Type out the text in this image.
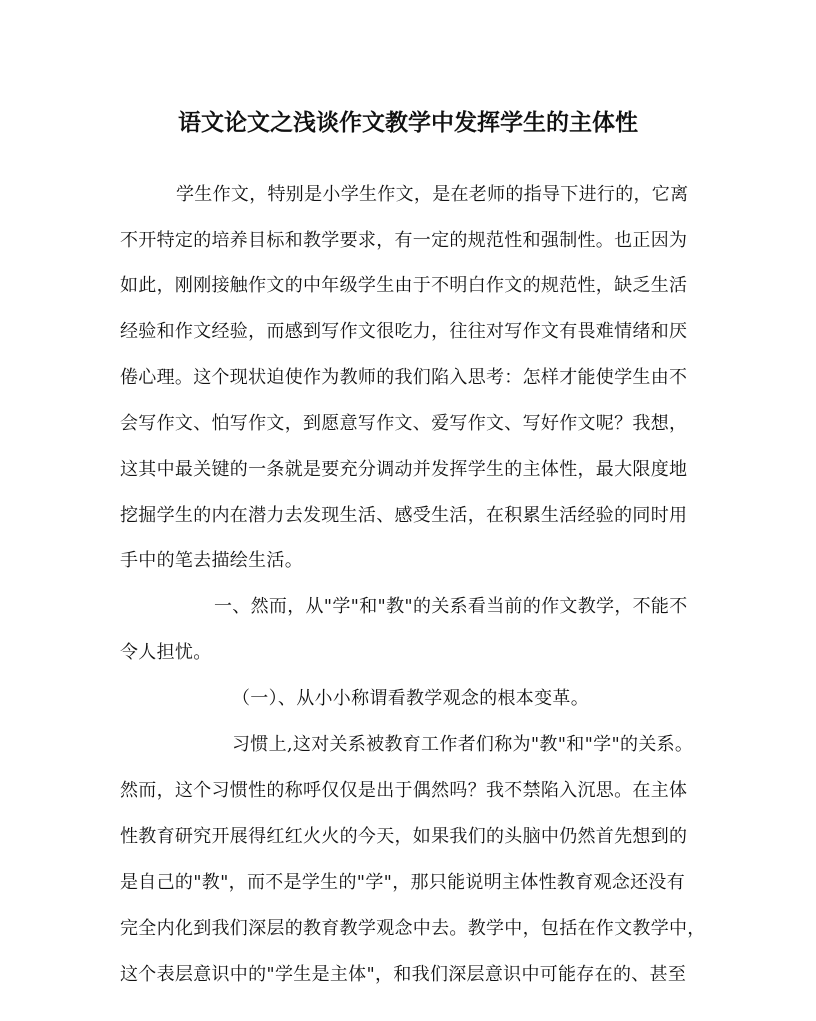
语文论文之浅谈作文教学中发挥学生的主体性
学生作文，特别是小学生作文，是在老师的指导下进行的，它离
不开特定的培养目标和教学要求，有一定的规范性和强制性。也正因为
如此，刚刚接触作文的中年级学生由于不明白作文的规范性，缺乏生活
经验和作文经验，而感到写作文很吃力，往往对写作文有畏难情绪和厌
倦心理。这个现状迫使作为教师的我们陷入思考：怎样才能使学生由不
会写作文、怕写作文，到愿意写作文、爱写作文、写好作文呢？我想，
这其中最关键的一条就是要充分调动并发挥学生的主体性，最大限度地
挖掘学生的内在潜力去发现生活、感受生活，在积累生活经验的同时用
手中的笔去描绘生活。
一、然而，从"学"和"教"的关系看当前的作文教学，不能不
令人担忧。
（一）、从小小称谓看教学观念的根本变革。
习惯上,这对关系被教育工作者们称为"教"和"学"的关系。
然而，这个习惯性的称呼仅仅是出于偶然吗？我不禁陷入沉思。在主体
性教育研究开展得红红火火的今天，如果我们的头脑中仍然首先想到的
是自己的"教"，而不是学生的"学"，那只能说明主体性教育观念还没有
完全内化到我们深层的教育教学观念中去。教学中，包括在作文教学中，
这个表层意识中的"学生是主体"，和我们深层意识中可能存在的、甚至
